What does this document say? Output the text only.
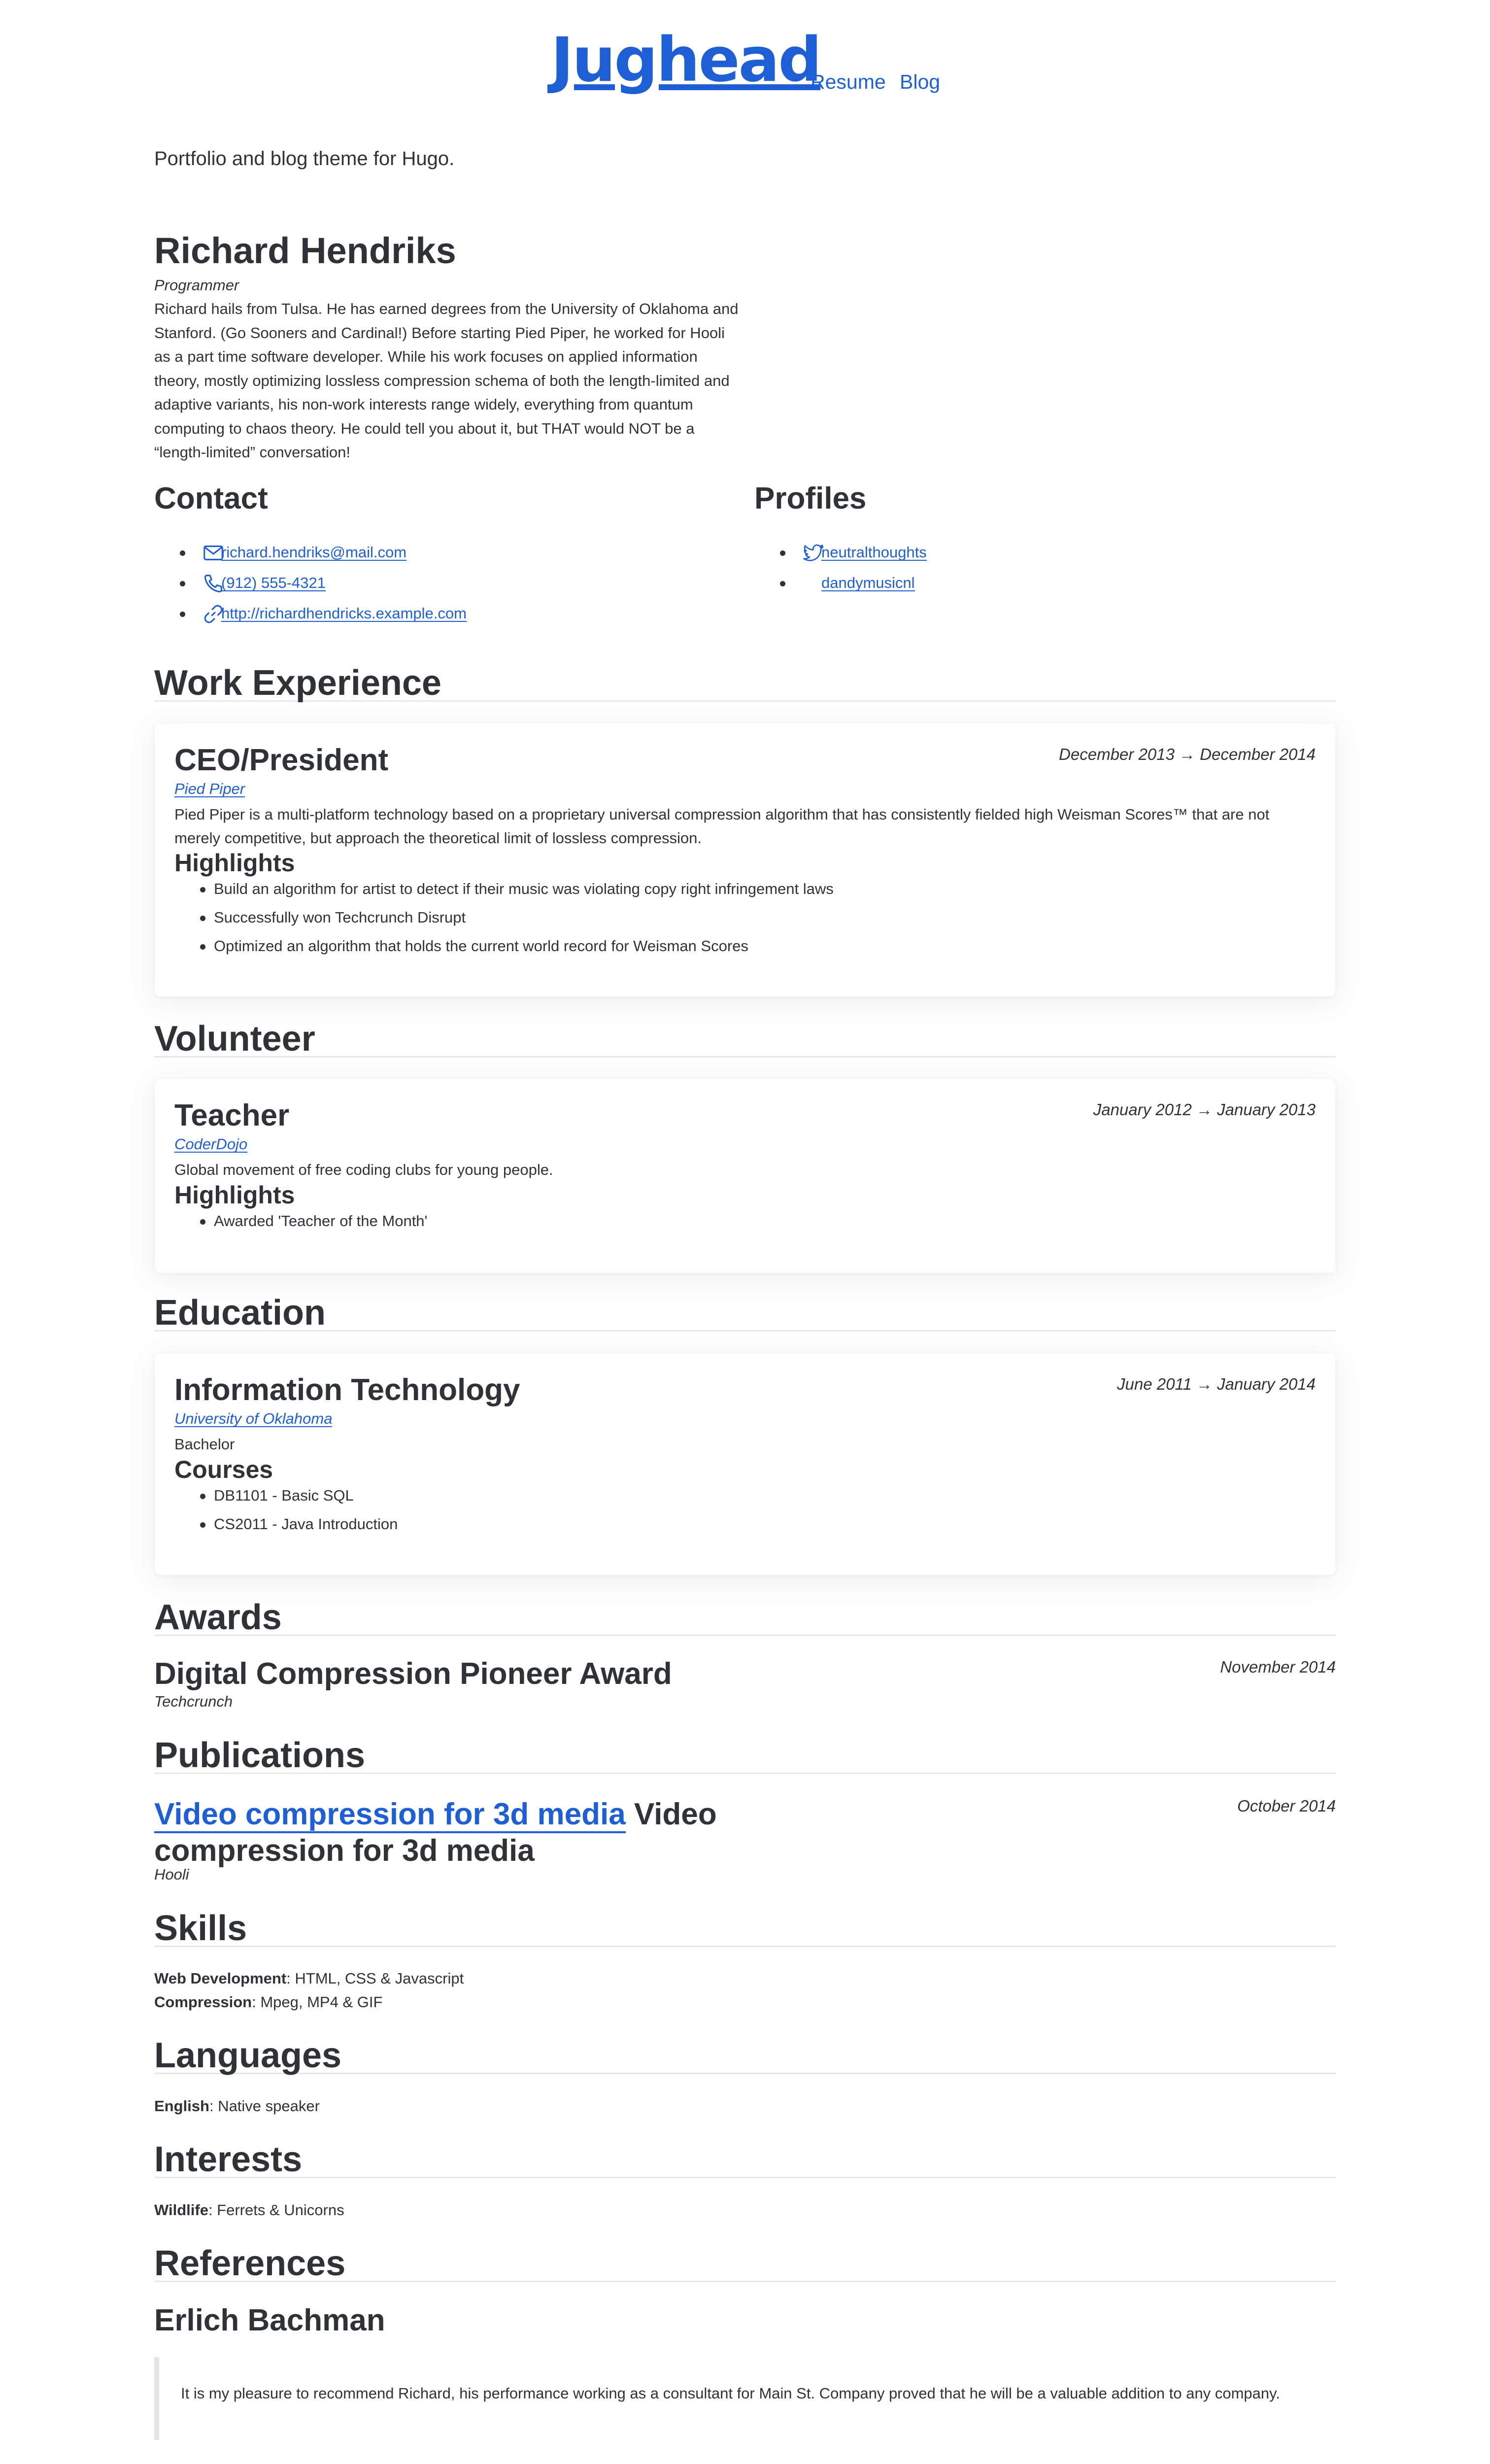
Jughead
Resume Blog

Portfolio and blog theme for Hugo.

Richard Hendriks

Programmer

Richard hails from Tulsa. He has earned degrees from the University of Oklahoma and Stanford. (Go Sooners and Cardinal!) Before starting Pied Piper, he worked for Hooli as a part time software developer. While his work focuses on applied information theory, mostly optimizing lossless compression schema of both the length-limited and adaptive variants, his non-work interests range widely, everything from quantum computing to chaos theory. He could tell you about it, but THAT would NOT be a “length-limited” conversation!

Contact
richard.hendriks@mail.com
(912) 555-4321
http://richardhendricks.example.com
Profiles
neutralthoughts
dandymusicnl
Work Experience
CEO/President	December 2013 → December 2014
Pied Piper

Pied Piper is a multi-platform technology based on a proprietary universal compression algorithm that has consistently fielded high Weisman Scores™ that are not merely competitive, but approach the theoretical limit of lossless compression.

Highlights
Build an algorithm for artist to detect if their music was violating copy right infringement laws
Successfully won Techcrunch Disrupt
Optimized an algorithm that holds the current world record for Weisman Scores
Volunteer
Teacher	January 2012 → January 2013
CoderDojo

Global movement of free coding clubs for young people.

Highlights
Awarded 'Teacher of the Month'
Education
Information Technology	June 2011 → January 2014
University of Oklahoma

Bachelor

Courses
DB1101 - Basic SQL
CS2011 - Java Introduction
Awards
Digital Compression Pioneer Award	November 2014

Techcrunch

Publications
Video compression for 3d media Video
compression for 3d media
October 2014

Hooli

Skills

Web Development: HTML, CSS & Javascript

Compression: Mpeg, MP4 & GIF

Languages

English: Native speaker

Interests

Wildlife: Ferrets & Unicorns

References
Erlich Bachman

It is my pleasure to recommend Richard, his performance working as a consultant for Main St. Company proved that he will be a valuable addition to any company.
